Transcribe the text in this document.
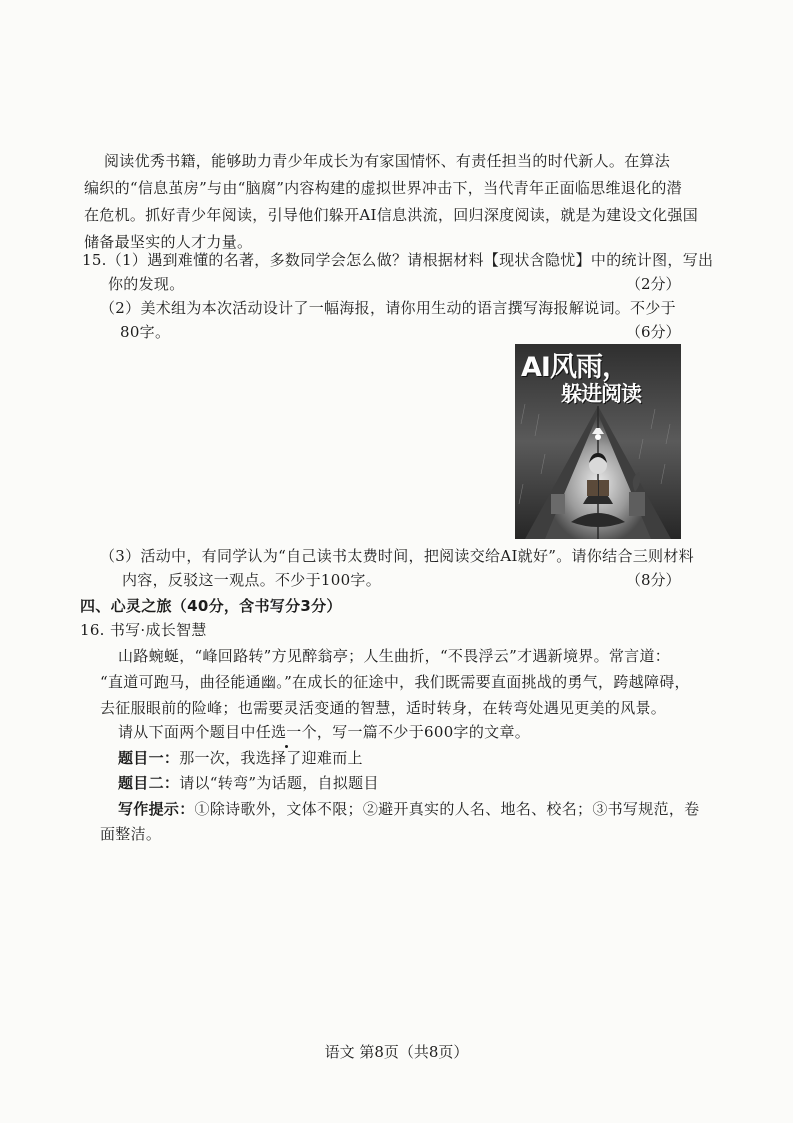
阅读优秀书籍，能够助力青少年成长为有家国情怀、有责任担当的时代新人。在算法
编织的“信息茧房”与由“脑腐”内容构建的虚拟世界冲击下，当代青年正面临思维退化的潜
在危机。抓好青少年阅读，引导他们躲开AI信息洪流，回归深度阅读，就是为建设文化强国
储备最坚实的人才力量。
15.（1）遇到难懂的名著，多数同学会怎么做？请根据材料【现状含隐忧】中的统计图，写出
你的发现。	（2分）
（2）美术组为本次活动设计了一幅海报，请你用生动的语言撰写海报解说词。不少于
80字。	（6分）
AI风雨，
躲进阅读
（3）活动中，有同学认为“自己读书太费时间，把阅读交给AI就好”。请你结合三则材料
内容，反驳这一观点。不少于100字。	（8分）
四、心灵之旅（40分，含书写分3分）
16. 书写·成长智慧
山路蜿蜒，“峰回路转”方见醉翁亭；人生曲折，“不畏浮云”才遇新境界。常言道：
“直道可跑马，曲径能通幽。”在成长的征途中，我们既需要直面挑战的勇气，跨越障碍，
去征服眼前的险峰；也需要灵活变通的智慧，适时转身，在转弯处遇见更美的风景。
请从下面两个题目中任选一个，写一篇不少于600字的文章。
题目一：那一次，我选择了迎难而上
题目二：请以“转弯”为话题，自拟题目
写作提示：①除诗歌外，文体不限；②避开真实的人名、地名、校名；③书写规范，卷
面整洁。
语文 第8页（共8页）
